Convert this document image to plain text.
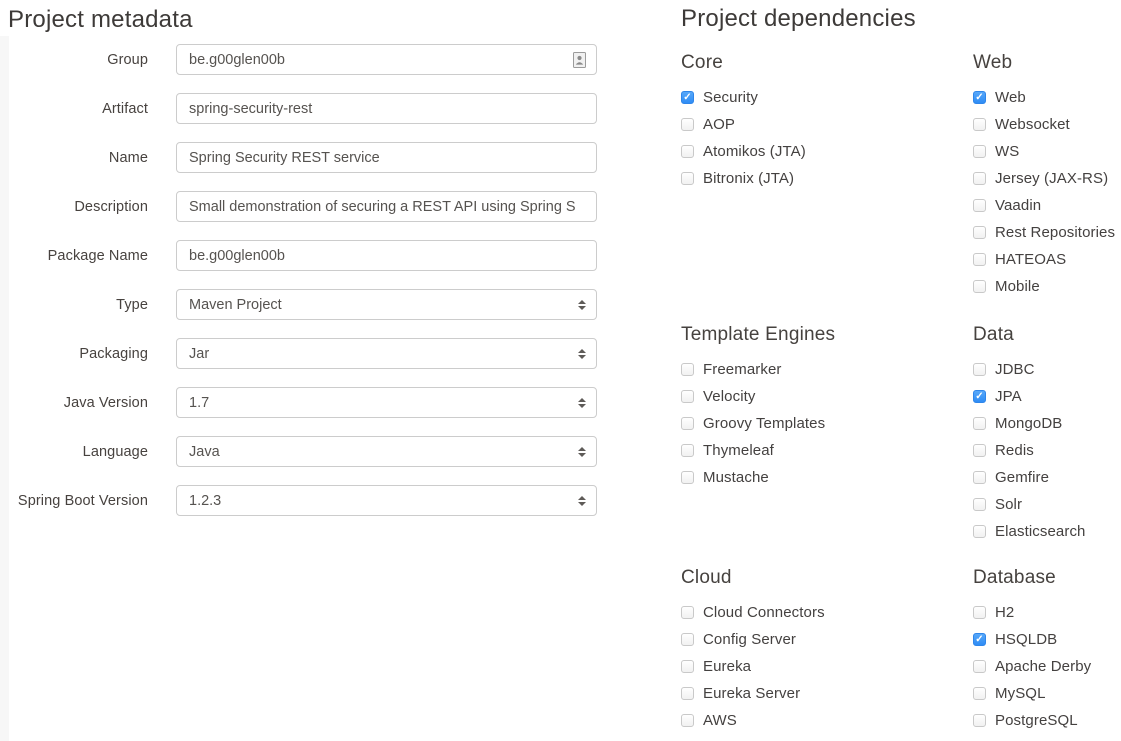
Project metadata
Group	be.g00glen00b
Artifact	spring-security-rest
Name	Spring Security REST service
Description	Small demonstration of securing a REST API using Spring S
Package Name	be.g00glen00b
Type	Maven Project
Packaging	Jar
Java Version	1.7
Language	Java
Spring Boot Version	1.2.3
Project dependencies
Core
✓ Security
AOP
Atomikos (JTA)
Bitronix (JTA)
Template Engines
Freemarker
Velocity
Groovy Templates
Thymeleaf
Mustache
Cloud
Cloud Connectors
Config Server
Eureka
Eureka Server
AWS
Web
✓ Web
Websocket
WS
Jersey (JAX-RS)
Vaadin
Rest Repositories
HATEOAS
Mobile
Data
JDBC
✓ JPA
MongoDB
Redis
Gemfire
Solr
Elasticsearch
Database
H2
✓ HSQLDB
Apache Derby
MySQL
PostgreSQL
